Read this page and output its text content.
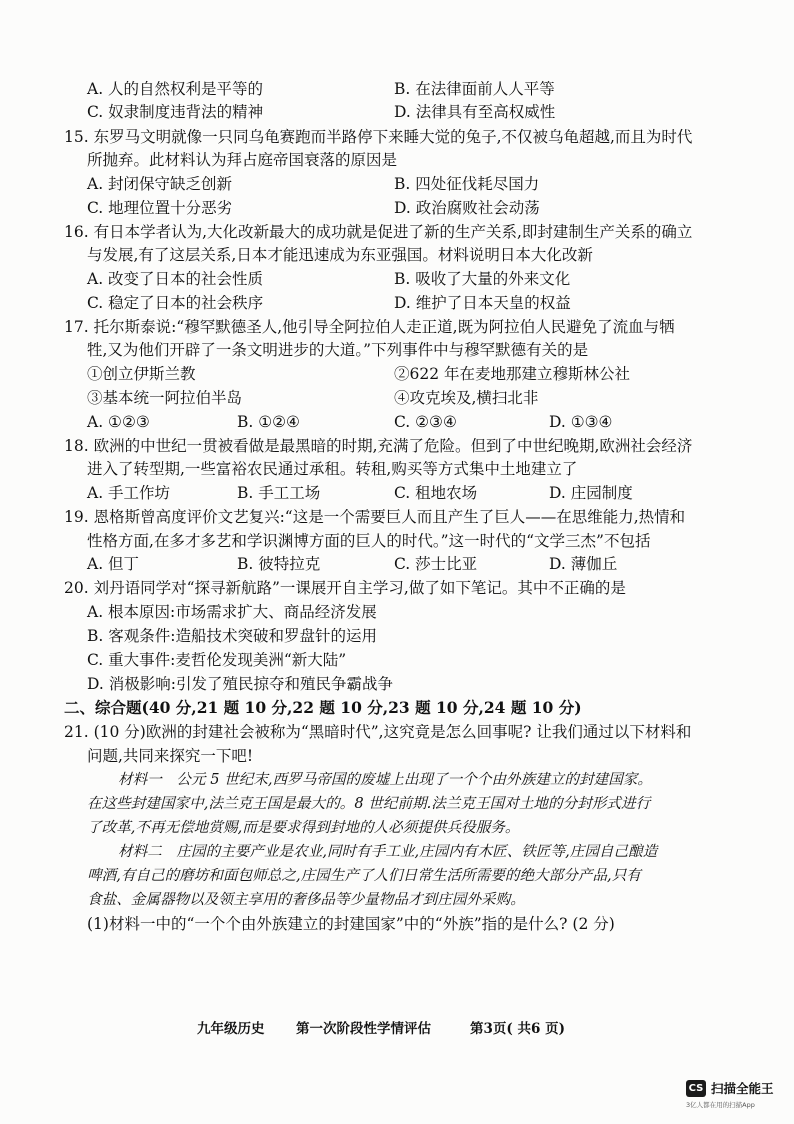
A. 人的自然权利是平等的	B. 在法律面前人人平等
C. 奴隶制度违背法的精神	D. 法律具有至高权威性
15. 东罗马文明就像一只同乌龟赛跑而半路停下来睡大觉的兔子,不仅被乌龟超越,而且为时代
所抛弃。此材料认为拜占庭帝国衰落的原因是
A. 封闭保守缺乏创新	B. 四处征伐耗尽国力
C. 地理位置十分恶劣	D. 政治腐败社会动荡
16. 有日本学者认为,大化改新最大的成功就是促进了新的生产关系,即封建制生产关系的确立
与发展,有了这层关系,日本才能迅速成为东亚强国。材料说明日本大化改新
A. 改变了日本的社会性质	B. 吸收了大量的外来文化
C. 稳定了日本的社会秩序	D. 维护了日本天皇的权益
17. 托尔斯泰说:“穆罕默德圣人,他引导全阿拉伯人走正道,既为阿拉伯人民避免了流血与牺
牲,又为他们开辟了一条文明进步的大道。”下列事件中与穆罕默德有关的是
①创立伊斯兰教	②622 年在麦地那建立穆斯林公社
③基本统一阿拉伯半岛	④攻克埃及,横扫北非
A. ①②③	B. ①②④	C. ②③④	D. ①③④
18. 欧洲的中世纪一贯被看做是最黑暗的时期,充满了危险。但到了中世纪晚期,欧洲社会经济
进入了转型期,一些富裕农民通过承租。转租,购买等方式集中土地建立了
A. 手工作坊	B. 手工工场	C. 租地农场	D. 庄园制度
19. 恩格斯曾高度评价文艺复兴:“这是一个需要巨人而且产生了巨人——在思维能力,热情和
性格方面,在多才多艺和学识渊博方面的巨人的时代。”这一时代的“文学三杰”不包括
A. 但丁	B. 彼特拉克	C. 莎士比亚	D. 薄伽丘
20. 刘丹语同学对“探寻新航路”一课展开自主学习,做了如下笔记。其中不正确的是
A. 根本原因:市场需求扩大、商品经济发展
B. 客观条件:造船技术突破和罗盘针的运用
C. 重大事件:麦哲伦发现美洲“新大陆”
D. 消极影响:引发了殖民掠夺和殖民争霸战争
二、综合题(40 分,21 题 10 分,22 题 10 分,23 题 10 分,24 题 10 分)
21. (10 分)欧洲的封建社会被称为“黑暗时代”,这究竟是怎么回事呢? 让我们通过以下材料和
问题,共同来探究一下吧!
材料一　公元 5 世纪末,西罗马帝国的废墟上出现了一个个由外族建立的封建国家。
在这些封建国家中,法兰克王国是最大的。8 世纪前期.法兰克王国对土地的分封形式进行
了改革,不再无偿地赏赐,而是要求得到封地的人必须提供兵役服务。
材料二　庄园的主要产业是农业,同时有手工业,庄园内有木匠、铁匠等,庄园自己酿造
啤酒,有自己的磨坊和面包师总之,庄园生产了人们日常生活所需要的绝大部分产品,只有
食盐、金属器物以及领主享用的奢侈品等少量物品才到庄园外采购。
(1)材料一中的“一个个由外族建立的封建国家”中的“外族”指的是什么? (2 分)
九年级历史 第一次阶段性学情评估	第3页( 共6 页)
CS 扫描全能王
3亿人都在用的扫描App
